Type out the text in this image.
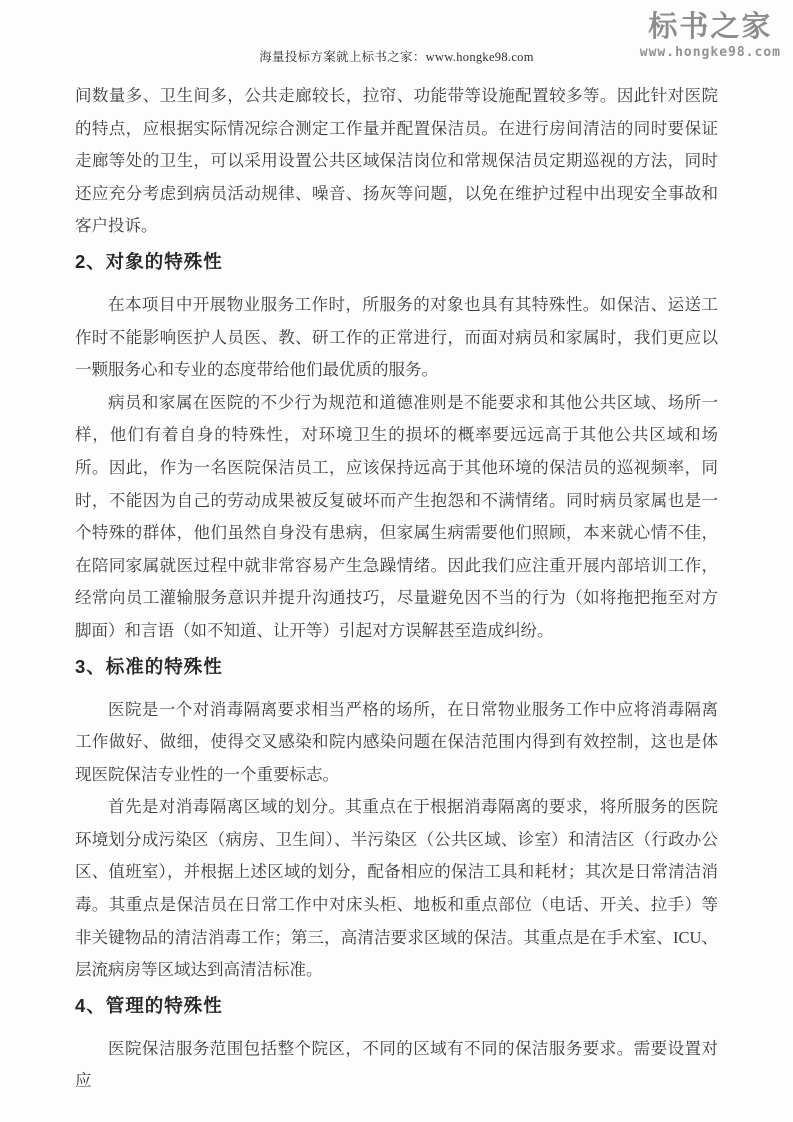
海量投标方案就上标书之家：www.hongke98.com
标书之家
www.hongke98.com

间数量多、卫生间多，公共走廊较长，拉帘、功能带等设施配置较多等。因此针对医院的特点，应根据实际情况综合测定工作量并配置保洁员。在进行房间清洁的同时要保证走廊等处的卫生，可以采用设置公共区域保洁岗位和常规保洁员定期巡视的方法，同时还应充分考虑到病员活动规律、噪音、扬灰等问题，以免在维护过程中出现安全事故和客户投诉。

2、对象的特殊性

在本项目中开展物业服务工作时，所服务的对象也具有其特殊性。如保洁、运送工作时不能影响医护人员医、教、研工作的正常进行，而面对病员和家属时，我们更应以一颗服务心和专业的态度带给他们最优质的服务。

病员和家属在医院的不少行为规范和道德准则是不能要求和其他公共区域、场所一样，他们有着自身的特殊性，对环境卫生的损坏的概率要远远高于其他公共区域和场所。因此，作为一名医院保洁员工，应该保持远高于其他环境的保洁员的巡视频率，同时，不能因为自己的劳动成果被反复破坏而产生抱怨和不满情绪。同时病员家属也是一个特殊的群体，他们虽然自身没有患病，但家属生病需要他们照顾，本来就心情不佳，在陪同家属就医过程中就非常容易产生急躁情绪。因此我们应注重开展内部培训工作，经常向员工灌输服务意识并提升沟通技巧，尽量避免因不当的行为（如将拖把拖至对方脚面）和言语（如不知道、让开等）引起对方误解甚至造成纠纷。

3、标准的特殊性

医院是一个对消毒隔离要求相当严格的场所，在日常物业服务工作中应将消毒隔离工作做好、做细，使得交叉感染和院内感染问题在保洁范围内得到有效控制，这也是体现医院保洁专业性的一个重要标志。

首先是对消毒隔离区域的划分。其重点在于根据消毒隔离的要求，将所服务的医院环境划分成污染区（病房、卫生间）、半污染区（公共区域、诊室）和清洁区（行政办公区、值班室），并根据上述区域的划分，配备相应的保洁工具和耗材；其次是日常清洁消毒。其重点是保洁员在日常工作中对床头柜、地板和重点部位（电话、开关、拉手）等非关键物品的清洁消毒工作；第三，高清洁要求区域的保洁。其重点是在手术室、ICU、层流病房等区域达到高清洁标准。

4、管理的特殊性

医院保洁服务范围包括整个院区，不同的区域有不同的保洁服务要求。需要设置对应
